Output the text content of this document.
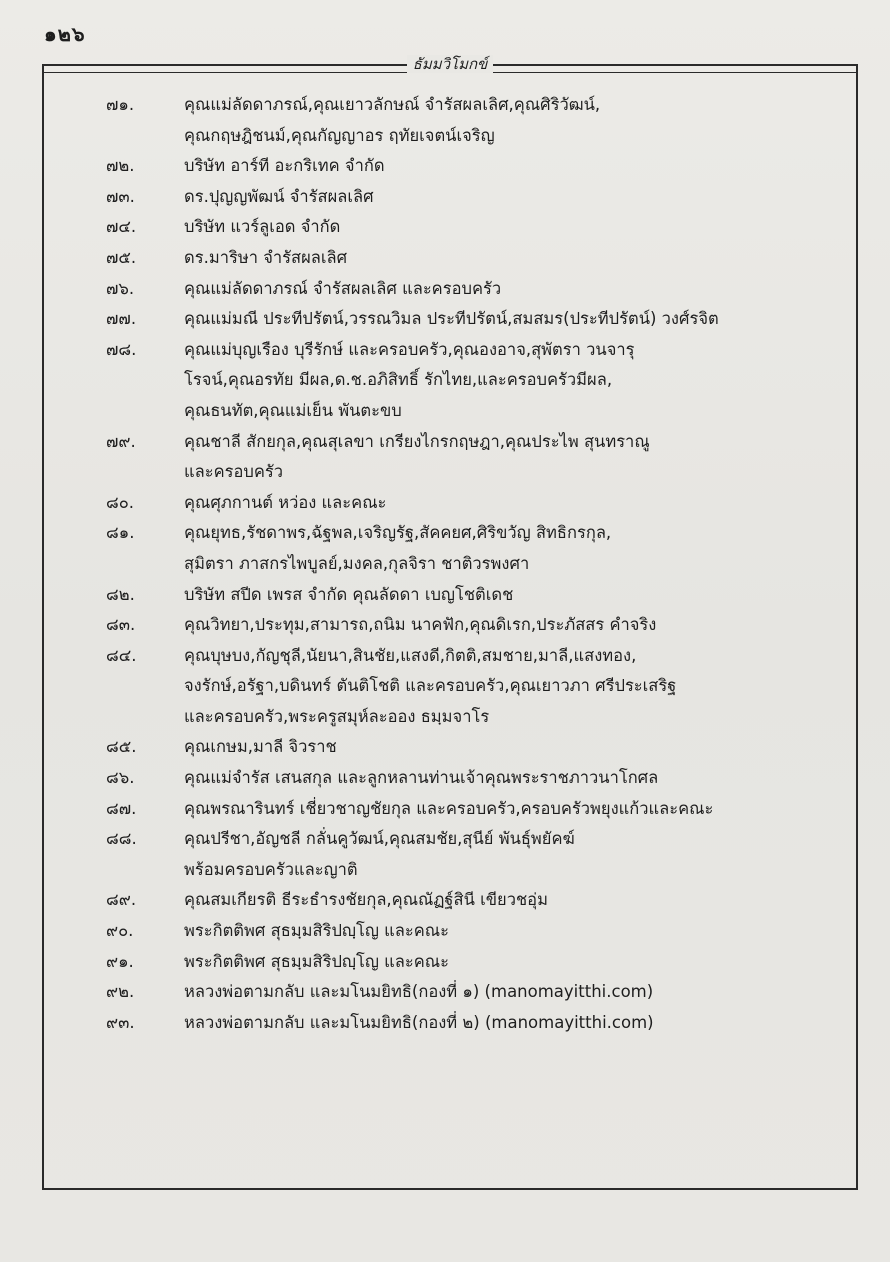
๑๒๖
ธัมมวิโมกข์
๗๑.	คุณแม่ลัดดาภรณ์,คุณเยาวลักษณ์ จำรัสผลเลิศ,คุณศิริวัฒน์,
คุณกฤษฎิชนม์,คุณกัญญาอร ฤทัยเจตน์เจริญ
๗๒.	บริษัท อาร์ที อะกริเทค จำกัด
๗๓.	ดร.ปุญญพัฒน์ จำรัสผลเลิศ
๗๔.	บริษัท แวร์ลูเอด จำกัด
๗๕.	ดร.มาริษา จำรัสผลเลิศ
๗๖.	คุณแม่ลัดดาภรณ์ จำรัสผลเลิศ และครอบครัว
๗๗.	คุณแม่มณี ประทีปรัตน์,วรรณวิมล ประทีปรัตน์,สมสมร(ประทีปรัตน์) วงศ์รจิต
๗๘.	คุณแม่บุญเรือง บุรีรักษ์ และครอบครัว,คุณองอาจ,สุพัตรา วนจารุ
โรจน์,คุณอรทัย มีผล,ด.ช.อภิสิทธิ์ รักไทย,และครอบครัวมีผล,
คุณธนทัต,คุณแม่เย็น พันตะขบ
๗๙.	คุณชาลี สักยกุล,คุณสุเลขา เกรียงไกรกฤษฎา,คุณประไพ สุนทราณู
และครอบครัว
๘๐.	คุณศุภกานต์ หว่อง และคณะ
๘๑.	คุณยุทธ,รัชดาพร,ฉัฐพล,เจริญรัฐ,สัคคยศ,ศิริขวัญ สิทธิกรกุล,
สุมิตรา ภาสกรไพบูลย์,มงคล,กุลจิรา ชาติวรพงศา
๘๒.	บริษัท สปีด เพรส จำกัด คุณลัดดา เบญโชติเดช
๘๓.	คุณวิทยา,ประทุม,สามารถ,ถนิม นาคฟัก,คุณดิเรก,ประภัสสร คำจริง
๘๔.	คุณบุษบง,กัญชุลี,นัยนา,สินชัย,แสงดี,กิตติ,สมชาย,มาลี,แสงทอง,
จงรักษ์,อรัฐา,บดินทร์ ตันติโชติ และครอบครัว,คุณเยาวภา ศรีประเสริฐ
และครอบครัว,พระครูสมุห์ละออง ธมฺมจาโร
๘๕.	คุณเกษม,มาลี จิวราช
๘๖.	คุณแม่จำรัส เสนสกุล และลูกหลานท่านเจ้าคุณพระราชภาวนาโกศล
๘๗.	คุณพรณารินทร์ เชี่ยวชาญชัยกุล และครอบครัว,ครอบครัวพยุงแก้วและคณะ
๘๘.	คุณปรีชา,อัญชลี กลั่นคูวัฒน์,คุณสมชัย,สุนีย์ พันธุ์พยัคฆ์
พร้อมครอบครัวและญาติ
๘๙.	คุณสมเกียรติ ธีระธำรงชัยกุล,คุณณัฏฐ์สินี เขียวชอุ่ม
๙๐.	พระกิตติพศ สุธมฺมสิริปญฺโญ และคณะ
๙๑.	พระกิตติพศ สุธมฺมสิริปญฺโญ และคณะ
๙๒.	หลวงพ่อตามกลับ และมโนมยิทธิ(กองที่ ๑) (manomayitthi.com)
๙๓.	หลวงพ่อตามกลับ และมโนมยิทธิ(กองที่ ๒) (manomayitthi.com)
